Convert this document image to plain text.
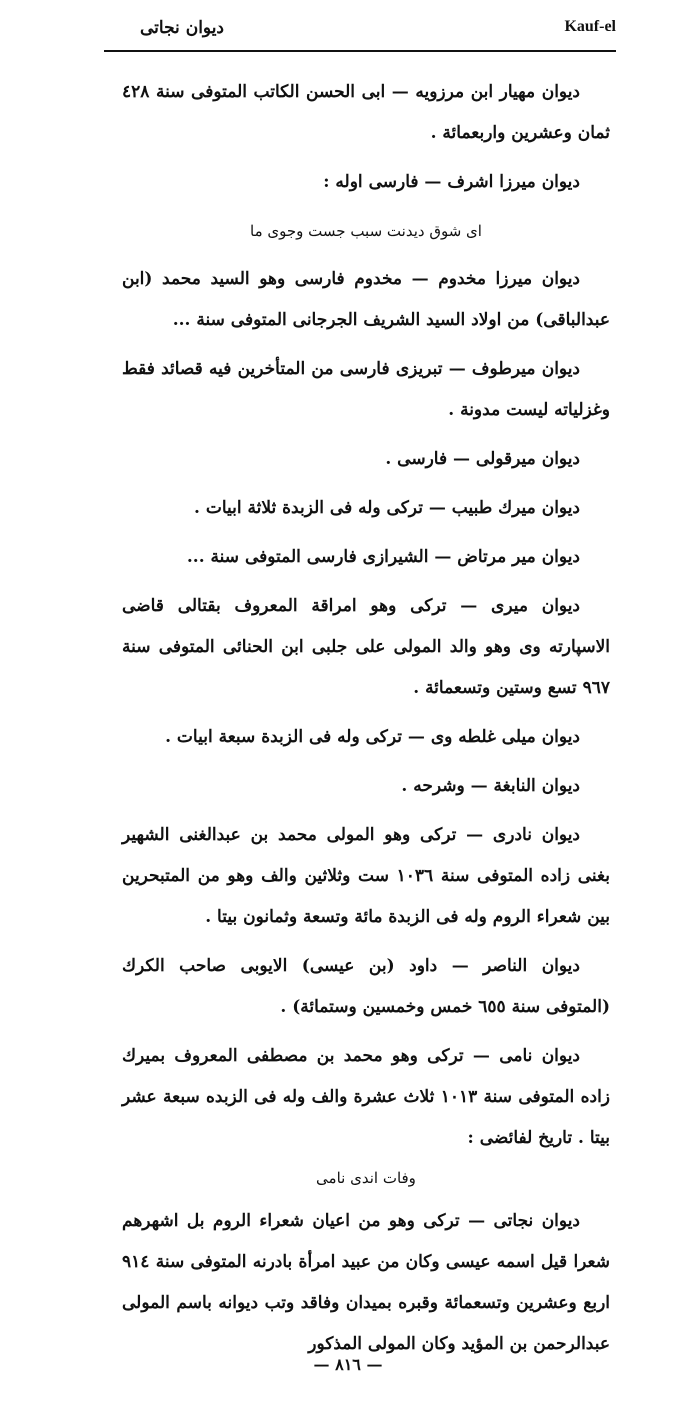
ديوان نجاتى	Kauf-el

ديوان مهيار ابن مرزويه — ابى الحسن الكاتب المتوفى سنة ٤٢٨ ثمان وعشرين واربعمائة .

ديوان ميرزا اشرف — فارسى اوله :

اى شوق ديدنت سبب جست وجوى ما

ديوان ميرزا مخدوم — مخدوم فارسى وهو السيد محمد (ابن عبدالباقى) من اولاد السيد الشريف الجرجانى المتوفى سنة ...

ديوان ميرطوف — تبريزى فارسى من المتأخرين فيه قصائد فقط وغزلياته ليست مدونة .

ديوان ميرقولى — فارسى .

ديوان ميرك طبيب — تركى وله فى الزبدة ثلاثة ابيات .

ديوان مير مرتاض — الشيرازى فارسى المتوفى سنة ...

ديوان ميرى — تركى وهو امراقة المعروف بقتالى قاضى الاسپارته وى وهو والد المولى على جلبى ابن الحنائى المتوفى سنة ٩٦٧ تسع وستين وتسعمائة .

ديوان ميلى غلطه وى — تركى وله فى الزبدة سبعة ابيات .

ديوان النابغة — وشرحه .

ديوان نادرى — تركى وهو المولى محمد بن عبدالغنى الشهير بغنى زاده المتوفى سنة ١٠٣٦ ست وثلاثين والف وهو من المتبحرين بين شعراء الروم وله فى الزبدة مائة وتسعة وثمانون بيتا .

ديوان الناصر — داود (بن عيسى) الايوبى صاحب الكرك (المتوفى سنة ٦٥٥ خمس وخمسين وستمائة) .

ديوان نامى — تركى وهو محمد بن مصطفى المعروف بميرك زاده المتوفى سنة ١٠١٣ ثلاث عشرة والف وله فى الزبده سبعة عشر بيتا . تاريخ لفائضى :

وفات اندى نامى

ديوان نجاتى — تركى وهو من اعيان شعراء الروم بل اشهرهم شعرا قيل اسمه عيسى وكان من عبيد امرأة بادرنه المتوفى سنة ٩١٤ اربع وعشرين وتسعمائة وقبره بميدان وفاقد وتب ديوانه باسم المولى عبدالرحمن بن المؤيد وكان المولى المذكور

— ٨١٦ —
